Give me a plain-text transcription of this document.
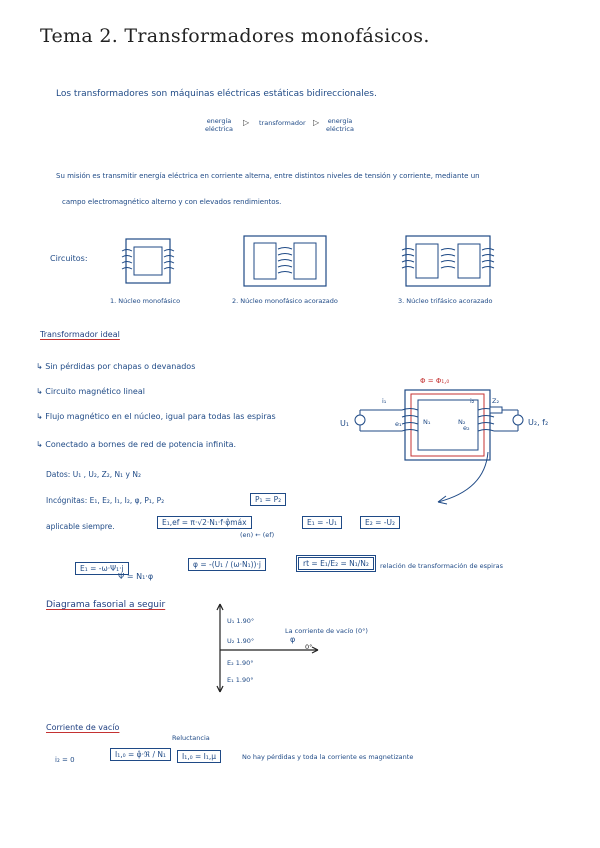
Tema 2. Transformadores monofásicos.
Los transformadores son máquinas eléctricas estáticas bidireccionales.
energía
eléctrica
▷ transformador ▷ energía
eléctrica
Su misión es transmitir energía eléctrica en corriente alterna, entre distintos niveles de tensión y corriente, mediante un
campo electromagnético alterno y con elevados rendimientos.
Circuitos:
1. Núcleo monofásico	2. Núcleo monofásico acorazado	3. Núcleo trifásico acorazado
Transformador ideal
↳ Sin pérdidas por chapas o devanados
↳ Circuito magnético lineal
↳ Flujo magnético en el núcleo, igual para todas las espiras
↳ Conectado a bornes de red de potencia infinita.
Φ = Φ₁,₀
i₁	i₂	Z₂
U₁	U₂, f₂
N₁	N₂
e₁	e₂
Datos: U₁ , U₂, Z₂, N₁ y N₂
Incógnitas: E₁, E₂, I₁, I₂, φ, P₁, P₂	P₁ = P₂
aplicable siempre.	E₁,ef = π·√2·N₁·f·φ̂máx
(en) ← (ef)
E₁ = -U₁	E₂ = -U₂
E₁ = -ω·Ψ₁·j
Ψ = N₁·φ
φ = -(U₁ / (ω·N₁))·j	rt = E₁/E₂ = N₁/N₂	relación de transformación de espiras
Diagrama fasorial a seguir
U₁ 1.90°
U₂ 1.90°
E₂ 1.90°
E₁ 1.90°
φ
0°
La corriente de vacío (0°)
Corriente de vacío
Reluctancia
i₂ = 0
I₁,₀ = φ̂·ℜ / N₁	I₁,₀ = I₁,μ	No hay pérdidas y toda la corriente es magnetizante
